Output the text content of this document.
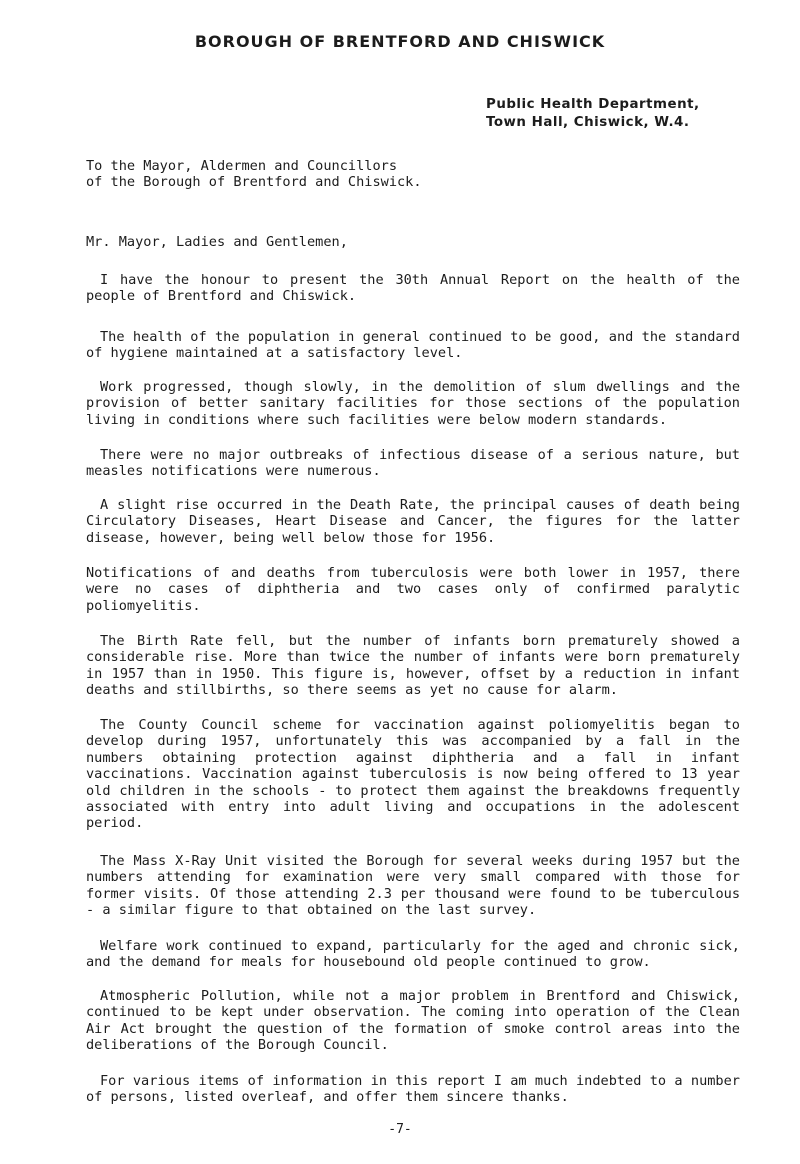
BOROUGH OF BRENTFORD AND CHISWICK
Public Health Department,
Town Hall, Chiswick, W.4.
To the Mayor, Aldermen and Councillors
of the Borough of Brentford and Chiswick.
Mr. Mayor, Ladies and Gentlemen,

I have the honour to present the 30th Annual Report on the health of the people of Brentford and Chiswick.

The health of the population in general continued to be good, and the standard of hygiene maintained at a satisfactory level.

Work progressed, though slowly, in the demolition of slum dwellings and the provision of better sanitary facilities for those sections of the population living in conditions where such facilities were below modern standards.

There were no major outbreaks of infectious disease of a serious nature, but measles notifications were numerous.

A slight rise occurred in the Death Rate, the principal causes of death being Circulatory Diseases, Heart Disease and Cancer, the figures for the latter disease, however, being well below those for 1956.

Notifications of and deaths from tuberculosis were both lower in 1957, there were no cases of diphtheria and two cases only of confirmed paralytic poliomyelitis.

The Birth Rate fell, but the number of infants born prematurely showed a considerable rise. More than twice the number of infants were born prematurely in 1957 than in 1950. This figure is, however, offset by a reduction in infant deaths and stillbirths, so there seems as yet no cause for alarm.

The County Council scheme for vaccination against poliomyelitis began to develop during 1957, unfortunately this was accompanied by a fall in the numbers obtaining protection against diphtheria and a fall in infant vaccinations. Vaccination against tuberculosis is now being offered to 13 year old children in the schools - to protect them against the breakdowns frequently associated with entry into adult living and occupations in the adolescent period.

The Mass X-Ray Unit visited the Borough for several weeks during 1957 but the numbers attending for examination were very small compared with those for former visits. Of those attending 2.3 per thousand were found to be tuberculous - a similar figure to that obtained on the last survey.

Welfare work continued to expand, particularly for the aged and chronic sick, and the demand for meals for housebound old people continued to grow.

Atmospheric Pollution, while not a major problem in Brentford and Chiswick, continued to be kept under observation. The coming into operation of the Clean Air Act brought the question of the formation of smoke control areas into the deliberations of the Borough Council.

For various items of information in this report I am much indebted to a number of persons, listed overleaf, and offer them sincere thanks.

-7-
